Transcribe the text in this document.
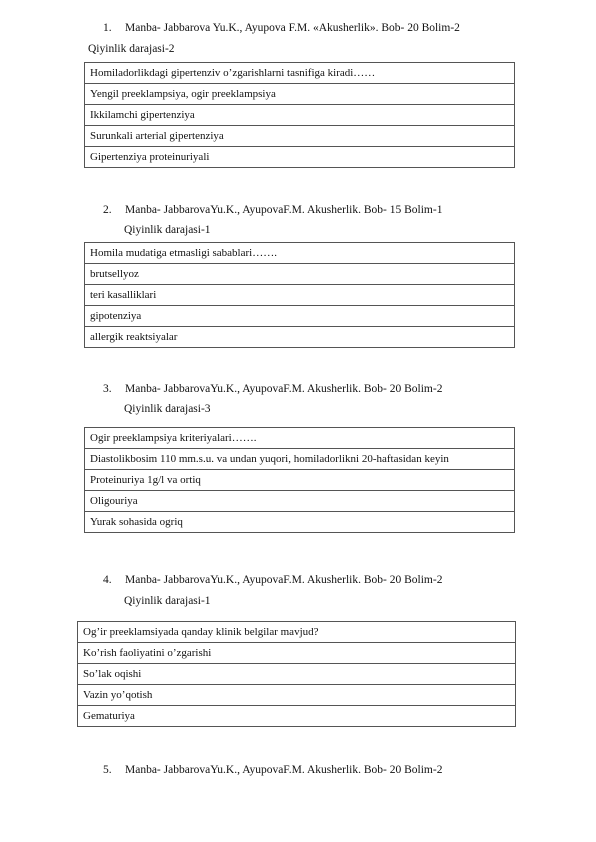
1. Manba- Jabbarova Yu.K., Ayupova F.M. «Akusherlik». Bob- 20 Bolim-2
Qiyinlik darajasi-2
Homiladorlikdagi gipertenziv o’zgarishlarni tasnifiga kiradi……
Yengil preeklampsiya, ogir preeklampsiya
Ikkilamchi gipertenziya
Surunkali arterial gipertenziya
Gipertenziya proteinuriyali
2. Manba- JabbarovaYu.K., AyupovaF.M. Akusherlik. Bob- 15 Bolim-1
Qiyinlik darajasi-1
Homila mudatiga etmasligi sabablari…….
brutsellyoz
teri kasalliklari
gipotenziya
allergik reaktsiyalar
3. Manba- JabbarovaYu.K., AyupovaF.M. Akusherlik. Bob- 20 Bolim-2
Qiyinlik darajasi-3
Ogir preeklampsiya kriteriyalari…….
Diastolikbosim 110 mm.s.u. va undan yuqori, homiladorlikni 20-haftasidan keyin
Proteinuriya 1g/l va ortiq
Oligouriya
Yurak sohasida ogriq
4. Manba- JabbarovaYu.K., AyupovaF.M. Akusherlik. Bob- 20 Bolim-2
Qiyinlik darajasi-1
Og’ir preeklamsiyada qanday klinik belgilar mavjud?
Ko’rish faoliyatini o’zgarishi
So’lak oqishi
Vazin yo’qotish
Gematuriya
5. Manba- JabbarovaYu.K., AyupovaF.M. Akusherlik. Bob- 20 Bolim-2
